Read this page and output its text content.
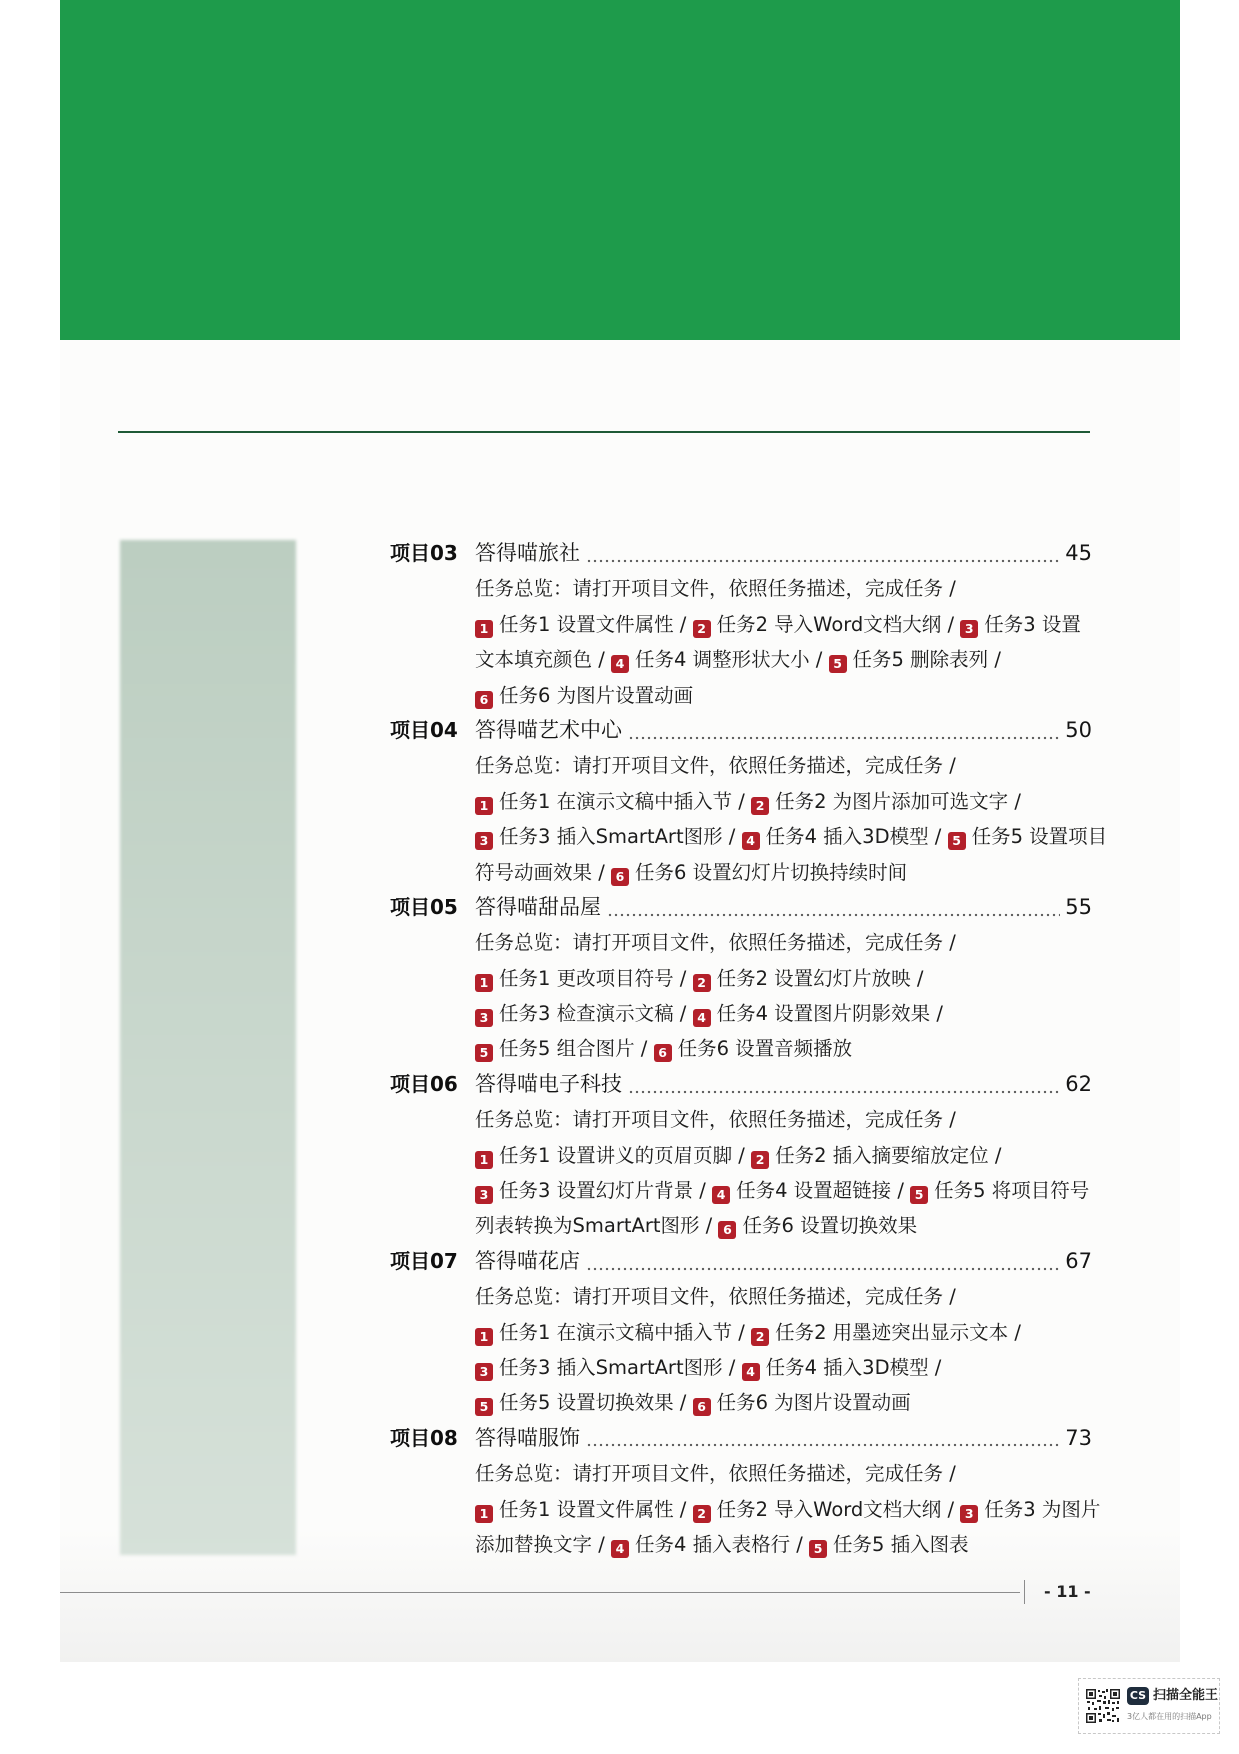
项目03 答得喵旅社	45
任务总览：请打开项目文件，依照任务描述，完成任务 /
1 任务1 设置文件属性 / 2 任务2 导入Word文档大纲 / 3 任务3 设置
文本填充颜色 / 4 任务4 调整形状大小 / 5 任务5 删除表列 /
6 任务6 为图片设置动画
项目04 答得喵艺术中心	50
任务总览：请打开项目文件，依照任务描述，完成任务 /
1 任务1 在演示文稿中插入节 / 2 任务2 为图片添加可选文字 /
3 任务3 插入SmartArt图形 / 4 任务4 插入3D模型 / 5 任务5 设置项目
符号动画效果 / 6 任务6 设置幻灯片切换持续时间
项目05 答得喵甜品屋	55
任务总览：请打开项目文件，依照任务描述，完成任务 /
1 任务1 更改项目符号 / 2 任务2 设置幻灯片放映 /
3 任务3 检查演示文稿 / 4 任务4 设置图片阴影效果 /
5 任务5 组合图片 / 6 任务6 设置音频播放
项目06 答得喵电子科技	62
任务总览：请打开项目文件，依照任务描述，完成任务 /
1 任务1 设置讲义的页眉页脚 / 2 任务2 插入摘要缩放定位 /
3 任务3 设置幻灯片背景 / 4 任务4 设置超链接 / 5 任务5 将项目符号
列表转换为SmartArt图形 / 6 任务6 设置切换效果
项目07 答得喵花店	67
任务总览：请打开项目文件，依照任务描述，完成任务 /
1 任务1 在演示文稿中插入节 / 2 任务2 用墨迹突出显示文本 /
3 任务3 插入SmartArt图形 / 4 任务4 插入3D模型 /
5 任务5 设置切换效果 / 6 任务6 为图片设置动画
项目08 答得喵服饰	73
任务总览：请打开项目文件，依照任务描述，完成任务 /
1 任务1 设置文件属性 / 2 任务2 导入Word文档大纲 / 3 任务3 为图片
添加替换文字 / 4 任务4 插入表格行 / 5 任务5 插入图表
- 11 -
CS 扫描全能王
3亿人都在用的扫描App
